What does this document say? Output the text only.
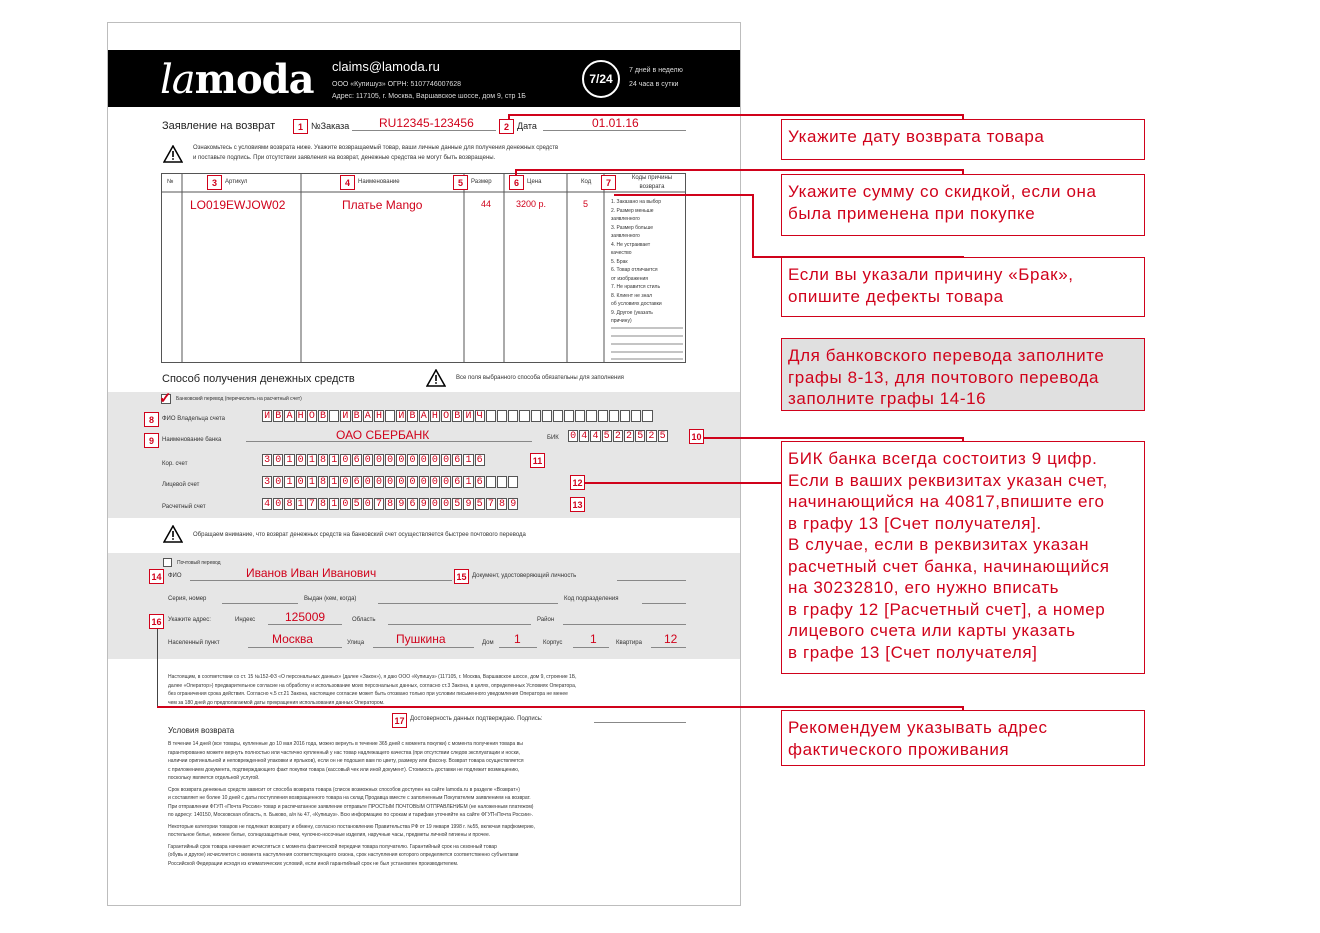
lamoda claims@lamoda.ru
ООО «Купишуз» ОГРН: 5107746007628
Адрес: 117105, г. Москва, Варшавское шоссе, дом 9, стр 1Б
7/24
7 дней в неделю
24 часа в сутки
Заявление на возврат	1 №Заказа RU12345-123456	2 Дата	01.01.16
Ознакомьтесь с условиями возврата ниже. Укажите возвращаемый товар, ваши личные данные для получения денежных средств
и поставьте подпись. При отсутствии заявления на возврат, денежные средства не могут быть возвращены.
№	3	Артикул	4	Наименование	5	Размер	6	Цена	Код	7	Коды причины возврата
LO019EWJOW02	Платье Mango	44	3200 р.	5	1. Заказано на выбор
2. Размер меньше
заявленного
3. Размер больше
заявленного
4. Не устраивает
качество
5. Брак
6. Товар отличается
от изображения
7. Не нравится стиль
8. Клиент не знал
об условиях доставки
9. Другое (указать
причину)
Способ получения денежных средств	Все поля выбранного способа обязательны для заполнения
✓ Банковский перевод (перечислить на расчетный счет)
8	ФИО Владельца счета	И В А Н О В И В А Н И В А Н О В И Ч
9	Наименование банка	ОАО СБЕРБАНК	БИК 0 4 4 5 2 2 5 2 5	10
Кор. счет	3 0 1 0 1 8 1 0 6 0 0 0 0 0 0 0 0 6 1 6	11
Лицевой счет	3 0 1 0 1 8 1 0 6 0 0 0 0 0 0 0 0 6 1 6	12
Расчетный счет	4 0 8 1 7 8 1 0 5 0 7 8 9 6 9 0 0 5 9 5 7 8 9	13
Обращаем внимание, что возврат денежных средств на банковский счет осуществляется быстрее почтового перевода
Почтовый перевод
14	ФИО	Иванов Иван Иванович	15 Документ, удостоверяющий личность
Серия, номер	Выдан (кем, когда)	Код подразделения
16	Укажите адрес:	Индекс 125009	Область	Район
Населенный пункт	Москва	Улица	Пушкина	Дом 1	Корпус 1	Квартира 12
Настоящим, в соответствии со ст. 15 №152-ФЗ «О персональных данных» (далее «Закон»), я даю ООО «Купишуз» (117105, г. Москва, Варшавское шоссе, дом 9, строение 1Б,
далее «Оператор») предварительное согласие на обработку и использование моих персональных данных, согласно ст.3 Закона, в целях, определенных Условиях Оператора,
без ограничения срока действия. Согласно ч.5 ст.21 Закона, настоящее согласие может быть отозвано только при условии письменного уведомления Оператора не менее
чем за 180 дней до предполагаемой даты прекращения использования данных Оператором.
17 Достоверность данных подтверждаю. Подпись:
Условия возврата
В течение 14 дней (все товары, купленные до 10 мая 2016 года, можно вернуть в течение 365 дней с момента покупки) с момента получения товара вы
гарантированно можете вернуть полностью или частично купленный у нас товар надлежащего качества (при отсутствии следов эксплуатации и носки,
наличии оригинальной и неповрежденной упаковки и ярлыков), если он не подошел вам по цвету, размеру или фасону. Возврат товара осуществляется
с приложением документа, подтверждающего факт покупки товара (кассовый чек или иной документ). Стоимость доставки не подлежит возмещению,
поскольку является отдельной услугой.
Срок возврата денежных средств зависит от способа возврата товара (список возможных способов доступен на сайте lamoda.ru в разделе «Возврат»)
и составляет не более 10 дней с даты поступления возвращенного товара на склад Продавца вместе с заполненным Покупателем заявлением на возврат.
При отправлении ФГУП «Почта России» товар и распечатанное заявление отправьте ПРОСТЫМ ПОЧТОВЫМ ОТПРАВЛЕНИЕМ (не наложенным платежом)
по адресу: 140150, Московская область, п. Быково, а/я № 47, «Купишуз». Всю информацию по срокам и тарифам уточняйте на сайте ФГУП«Почта России».
Некоторые категории товаров не подлежат возврату и обмену, согласно постановлению Правительства РФ от 19 января 1998 г. №55, включая парфюмерию,
постельное белье, нижнее белье, солнцезащитные очки, чулочно-носочные изделия, наручные часы, предметы личной гигиены и прочее.
Гарантийный срок товара начинает исчисляться с момента фактической передачи товара получателю. Гарантийный срок на сезонный товар
(обувь и другое) исчисляется с момента наступления соответствующего сезона, срок наступления которого определяется соответственно субъектами
Российской Федерации исходя из климатических условий, если иной гарантийный срок не был установлен производителем.
Укажите дату возврата товара
Укажите сумму со скидкой, если она
была применена при покупке
Если вы указали причину «Брак»,
опишите дефекты товара
Для банковского перевода заполните
графы 8-13, для почтового перевода
заполните графы 14-16
БИК банка всегда состоитиз 9 цифр.
Если в ваших реквизитах указан счет,
начинающийся на 40817,впишите его
в графу 13 [Счет получателя].
В случае, если в реквизитах указан
расчетный счет банка, начинающийся
на 30232810, его нужно вписать
в графу 12 [Расчетный счет], а номер
лицевого счета или карты указать
в графе 13 [Счет получателя]
Рекомендуем указывать адрес
фактического проживания
